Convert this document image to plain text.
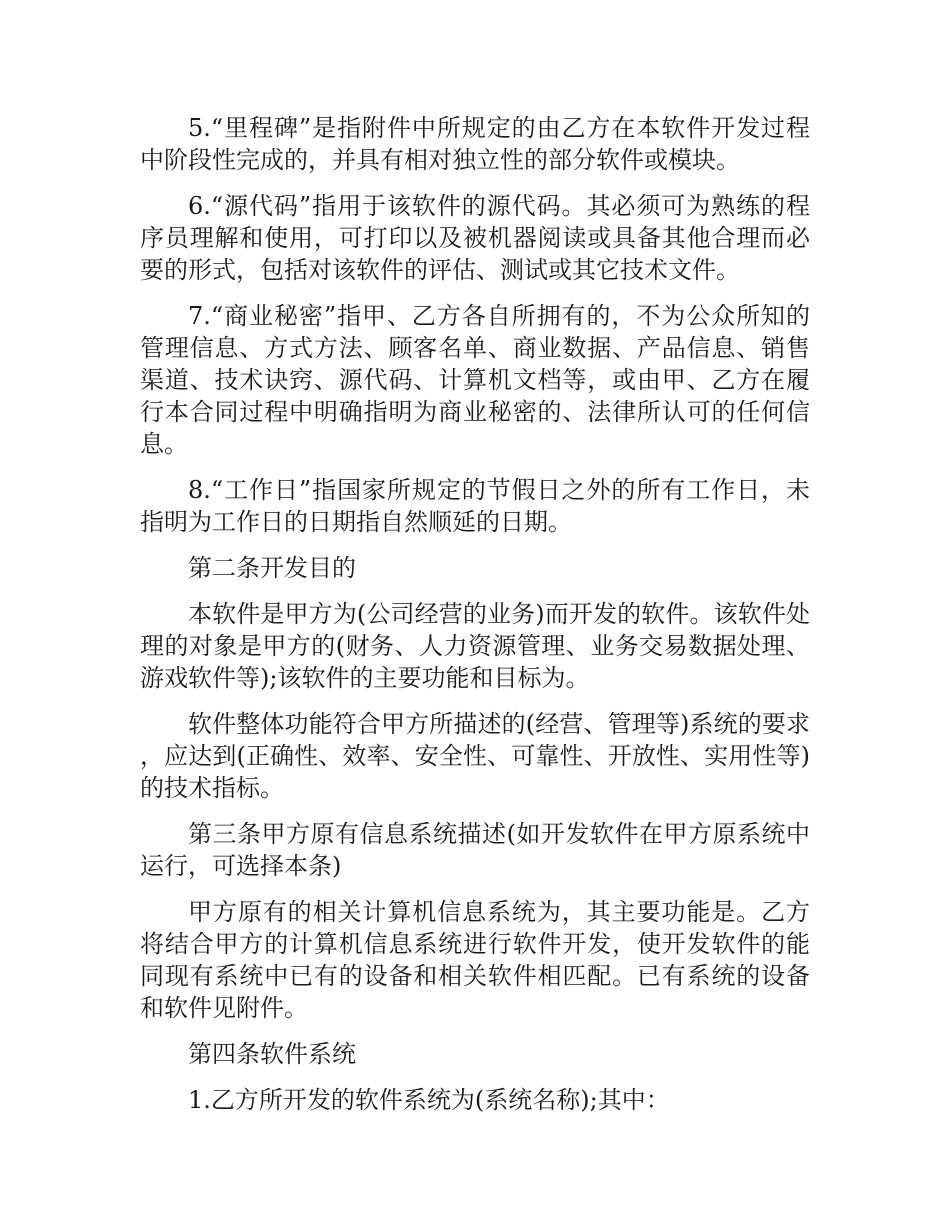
5.“里程碑”是指附件中所规定的由乙方在本软件开发过程中阶段性完成的，并具有相对独立性的部分软件或模块。

6.“源代码”指用于该软件的源代码。其必须可为熟练的程序员理解和使用，可打印以及被机器阅读或具备其他合理而必要的形式，包括对该软件的评估、测试或其它技术文件。

7.“商业秘密”指甲、乙方各自所拥有的，不为公众所知的管理信息、方式方法、顾客名单、商业数据、产品信息、销售渠道、技术诀窍、源代码、计算机文档等，或由甲、乙方在履行本合同过程中明确指明为商业秘密的、法律所认可的任何信息。

8.“工作日”指国家所规定的节假日之外的所有工作日，未指明为工作日的日期指自然顺延的日期。

第二条开发目的

本软件是甲方为(公司经营的业务)而开发的软件。该软件处理的对象是甲方的(财务、人力资源管理、业务交易数据处理、游戏软件等);该软件的主要功能和目标为。

软件整体功能符合甲方所描述的(经营、管理等)系统的要求，应达到(正确性、效率、安全性、可靠性、开放性、实用性等)的技术指标。

第三条甲方原有信息系统描述(如开发软件在甲方原系统中运行，可选择本条)

甲方原有的相关计算机信息系统为，其主要功能是。乙方将结合甲方的计算机信息系统进行软件开发，使开发软件的能同现有系统中已有的设备和相关软件相匹配。已有系统的设备和软件见附件。

第四条软件系统

1.乙方所开发的软件系统为(系统名称);其中：
